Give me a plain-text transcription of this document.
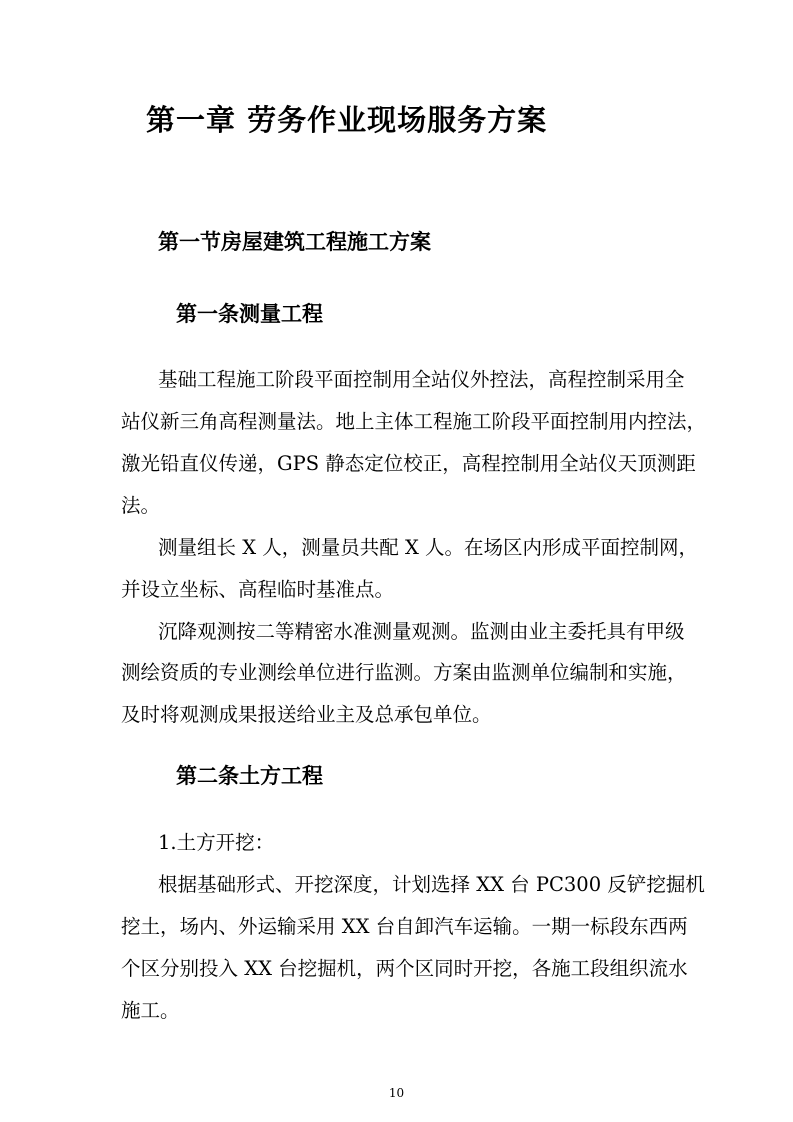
第一章 劳务作业现场服务方案
第一节房屋建筑工程施工方案
第一条测量工程
基础工程施工阶段平面控制用全站仪外控法，高程控制采用全
站仪新三角高程测量法。地上主体工程施工阶段平面控制用内控法，
激光铅直仪传递，GPS 静态定位校正，高程控制用全站仪天顶测距
法。
测量组长 X 人，测量员共配 X 人。在场区内形成平面控制网，
并设立坐标、高程临时基准点。
沉降观测按二等精密水准测量观测。监测由业主委托具有甲级
测绘资质的专业测绘单位进行监测。方案由监测单位编制和实施，
及时将观测成果报送给业主及总承包单位。
第二条土方工程
1.土方开挖：
根据基础形式、开挖深度，计划选择 XX 台 PC300 反铲挖掘机
挖土，场内、外运输采用 XX 台自卸汽车运输。一期一标段东西两
个区分别投入 XX 台挖掘机，两个区同时开挖，各施工段组织流水
施工。
10
